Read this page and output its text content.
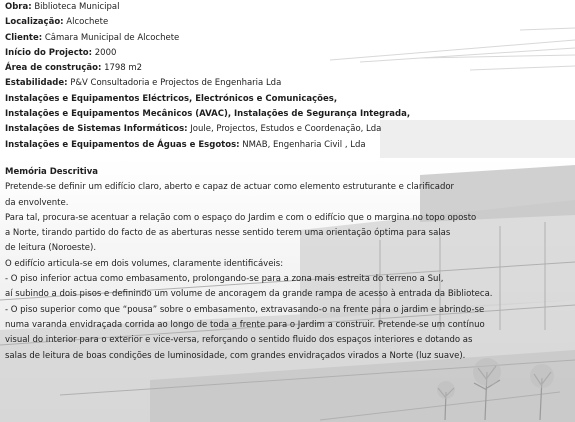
Obra: Biblioteca Municipal
Localização: Alcochete
Cliente: Câmara Municipal de Alcochete
Início do Projecto: 2000
Área de construção: 1798 m2
Estabilidade: P&V Consultadoria e Projectos de Engenharia Lda
Instalações e Equipamentos Eléctricos, Electrónicos e Comunicações,
Instalações e Equipamentos Mecânicos (AVAC), Instalações de Segurança Integrada,
Instalações de Sistemas Informáticos: Joule, Projectos, Estudos e Coordenação, Lda
Instalações e Equipamentos de Águas e Esgotos: NMAB, Engenharia Civil , Lda
Memória Descritiva
Pretende-se definir um edifício claro, aberto e capaz de actuar como elemento estruturante e clarificador
da envolvente.
Para tal, procura-se acentuar a relação com o espaço do Jardim e com o edifício que o margina no topo oposto
a Norte, tirando partido do facto de as aberturas nesse sentido terem uma orientação óptima para salas
de leitura (Noroeste).
O edifício articula-se em dois volumes, claramente identificáveis:
- O piso inferior actua como embasamento, prolongando-se para a zona mais estreita do terreno a Sul,
aí subindo a dois pisos e definindo um volume de ancoragem da grande rampa de acesso à entrada da Biblioteca.
- O piso superior como que “pousa” sobre o embasamento, extravasando-o na frente para o jardim e abrindo-se
numa varanda envidraçada corrida ao longo de toda a frente para o Jardim a construir. Pretende-se um contínuo
visual do interior para o exterior e vice-versa, reforçando o sentido fluido dos espaços interiores e dotando as
salas de leitura de boas condições de luminosidade, com grandes envidraçados virados a Norte (luz suave).
